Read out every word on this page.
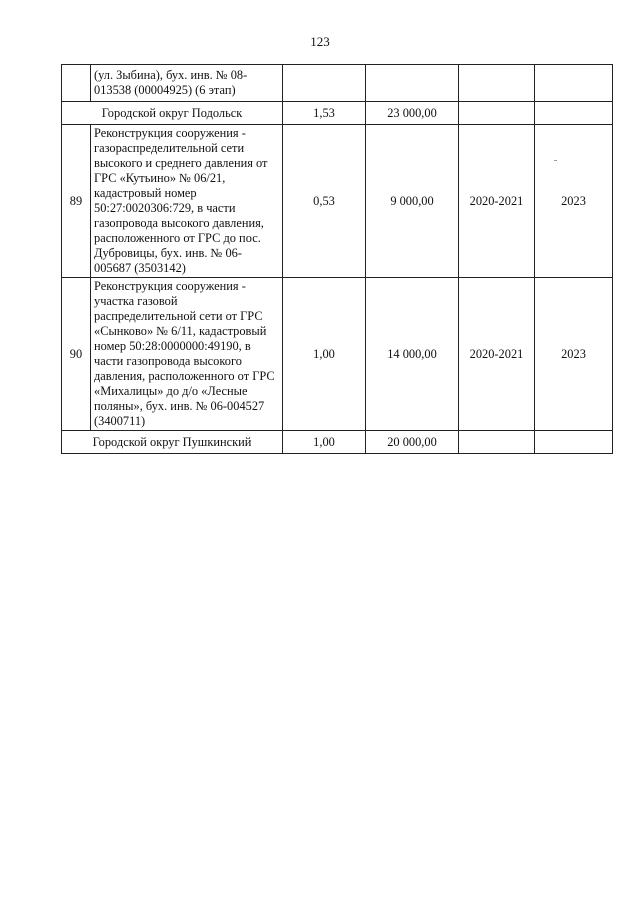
123
	(ул. Зыбина), бух. инв. № 08-013538 (00004925) (6 этап)				
Городской округ Подольск		1,53	23 000,00		
89	Реконструкция сооружения - газораспределительной сети высокого и среднего давления от ГРС «Кутьино» № 06/21, кадастровый номер 50:27:0020306:729, в части газопровода высокого давления, расположенного от ГРС до пос. Дубровицы, бух. инв. № 06-005687 (3503142)	0,53	9 000,00	2020-2021	2023
90	Реконструкция сооружения - участка газовой распределительной сети от ГРС «Сынково» № 6/11, кадастровый номер 50:28:0000000:49190, в части газопровода высокого давления, расположенного от ГРС «Михалицы» до д/о «Лесные поляны», бух. инв. № 06-004527 (3400711)	1,00	14 000,00	2020-2021	2023
Городской округ Пушкинский		1,00	20 000,00		
